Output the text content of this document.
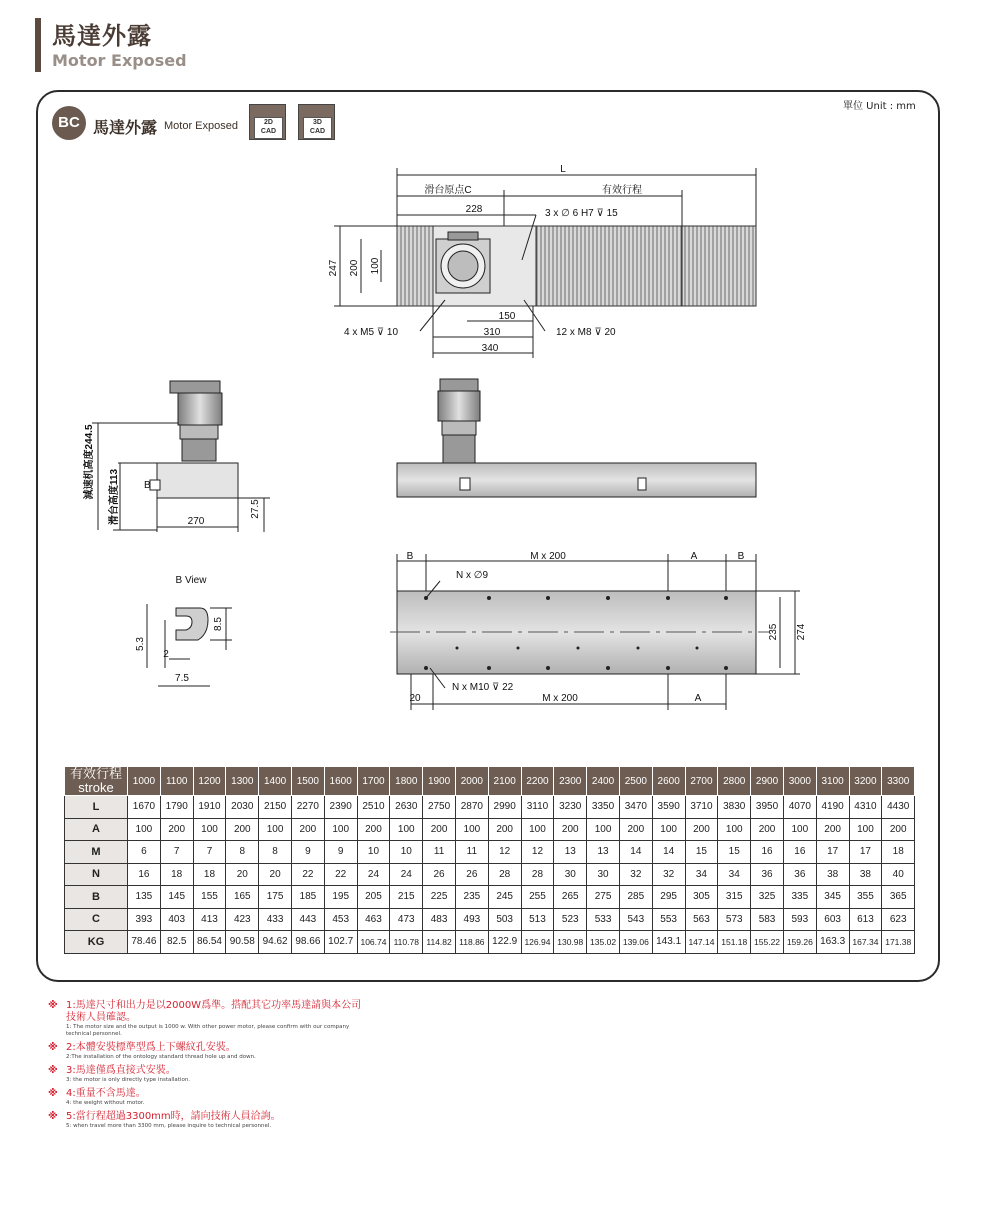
馬達外露
Motor Exposed
單位 Unit : mm
BC 馬達外露 Motor Exposed	2D
CAD
3D
CAD
L
滑台原点C	有效行程
228	3 x ∅ 6 H7 ⊽ 15
247 200 100
150
310
340
4 x M5 ⊽ 10	12 x M8 ⊽ 20
減速机高度244.5 滑台高度113 B
270
27.5
B View
5.3
2
7.5
8.5
B	M x 200	A	B
N x ∅9
N x M10 ⊽ 22
20	M x 200	A
235 274
有效行程
stroke	1000	1100	1200	1300	1400	1500	1600	1700	1800	1900	2000	2100	2200	2300	2400	2500	2600	2700	2800	2900	3000	3100	3200	3300
L	1670	1790	1910	2030	2150	2270	2390	2510	2630	2750	2870	2990	3110	3230	3350	3470	3590	3710	3830	3950	4070	4190	4310	4430
A	100	200	100	200	100	200	100	200	100	200	100	200	100	200	100	200	100	200	100	200	100	200	100	200
M	6	7	7	8	8	9	9	10	10	11	11	12	12	13	13	14	14	15	15	16	16	17	17	18
N	16	18	18	20	20	22	22	24	24	26	26	28	28	30	30	32	32	34	34	36	36	38	38	40
B	135	145	155	165	175	185	195	205	215	225	235	245	255	265	275	285	295	305	315	325	335	345	355	365
C	393	403	413	423	433	443	453	463	473	483	493	503	513	523	533	543	553	563	573	583	593	603	613	623
KG	78.46	82.5	86.54	90.58	94.62	98.66	102.7	106.74	110.78	114.82	118.86	122.9	126.94	130.98	135.02	139.06	143.1	147.14	151.18	155.22	159.26	163.3	167.34	171.38
※ 1:馬達尺寸和出力是以2000W爲準。搭配其它功率馬達請與本公司技術人員確認。
1: The motor size and the output is 1000 w. With other power motor, please confirm with our company technical personnel.
※ 2:本體安裝標準型爲上下螺紋孔安裝。
2:The installation of the ontology standard thread hole up and down.
※ 3:馬達僅爲直接式安裝。
3: the motor is only directly type installation.
※ 4:重量不含馬達。
4: the weight without motor.
※ 5:當行程超過3300mm時，請向技術人員洽詢。
5: when travel more than 3300 mm, please inquire to technical personnel.
